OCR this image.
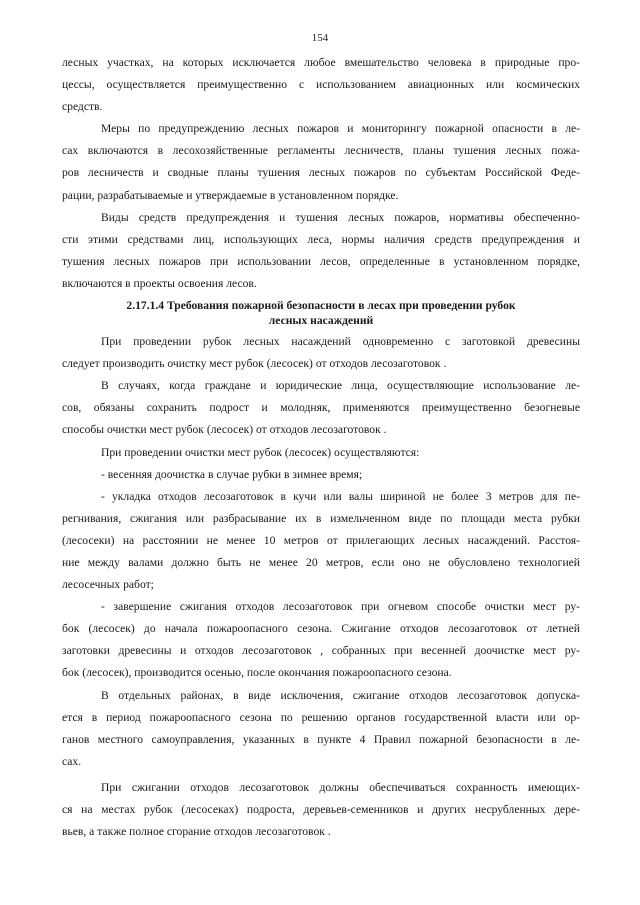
154
лесных участках, на которых исключается любое вмешательство человека в природные про-
цессы, осуществляется преимущественно с использованием авиационных или космических
средств.
Меры по предупреждению лесных пожаров и мониторингу пожарной опасности в ле-
сах включаются в лесохозяйственные регламенты лесничеств, планы тушения лесных пожа-
ров лесничеств и сводные планы тушения лесных пожаров по субъектам Российской Феде-
рации, разрабатываемые и утверждаемые в установленном порядке.
Виды средств предупреждения и тушения лесных пожаров, нормативы обеспеченно-
сти этими средствами лиц, использующих леса, нормы наличия средств предупреждения и
тушения лесных пожаров при использовании лесов, определенные в установленном порядке,
включаются в проекты освоения лесов.
2.17.1.4 Требования пожарной безопасности в лесах при проведении рубок
лесных насаждений
При проведении рубок лесных насаждений одновременно с заготовкой древесины
следует производить очистку мест рубок (лесосек) от отходов лесозаготовок .
В случаях, когда граждане и юридические лица, осуществляющие использование ле-
сов, обязаны сохранить подрост и молодняк, применяются преимущественно безогневые
способы очистки мест рубок (лесосек) от отходов лесозаготовок .
При проведении очистки мест рубок (лесосек) осуществляются:
- весенняя доочистка в случае рубки в зимнее время;
- укладка отходов лесозаготовок в кучи или валы шириной не более 3 метров для пе-
регнивания, сжигания или разбрасывание их в измельченном виде по площади места рубки
(лесосеки) на расстоянии не менее 10 метров от прилегающих лесных насаждений. Расстоя-
ние между валами должно быть не менее 20 метров, если оно не обусловлено технологией
лесосечных работ;
- завершение сжигания отходов лесозаготовок при огневом способе очистки мест ру-
бок (лесосек) до начала пожароопасного сезона. Сжигание отходов лесозаготовок от летней
заготовки древесины и отходов лесозаготовок , собранных при весенней доочистке мест ру-
бок (лесосек), производится осенью, после окончания пожароопасного сезона.
В отдельных районах, в виде исключения, сжигание отходов лесозаготовок допуска-
ется в период пожароопасного сезона по решению органов государственной власти или ор-
ганов местного самоуправления, указанных в пункте 4 Правил пожарной безопасности в ле-
сах.
При сжигании отходов лесозаготовок должны обеспечиваться сохранность имеющих-
ся на местах рубок (лесосеках) подроста, деревьев-семенников и других несрубленных дере-
вьев, а также полное сгорание отходов лесозаготовок .
